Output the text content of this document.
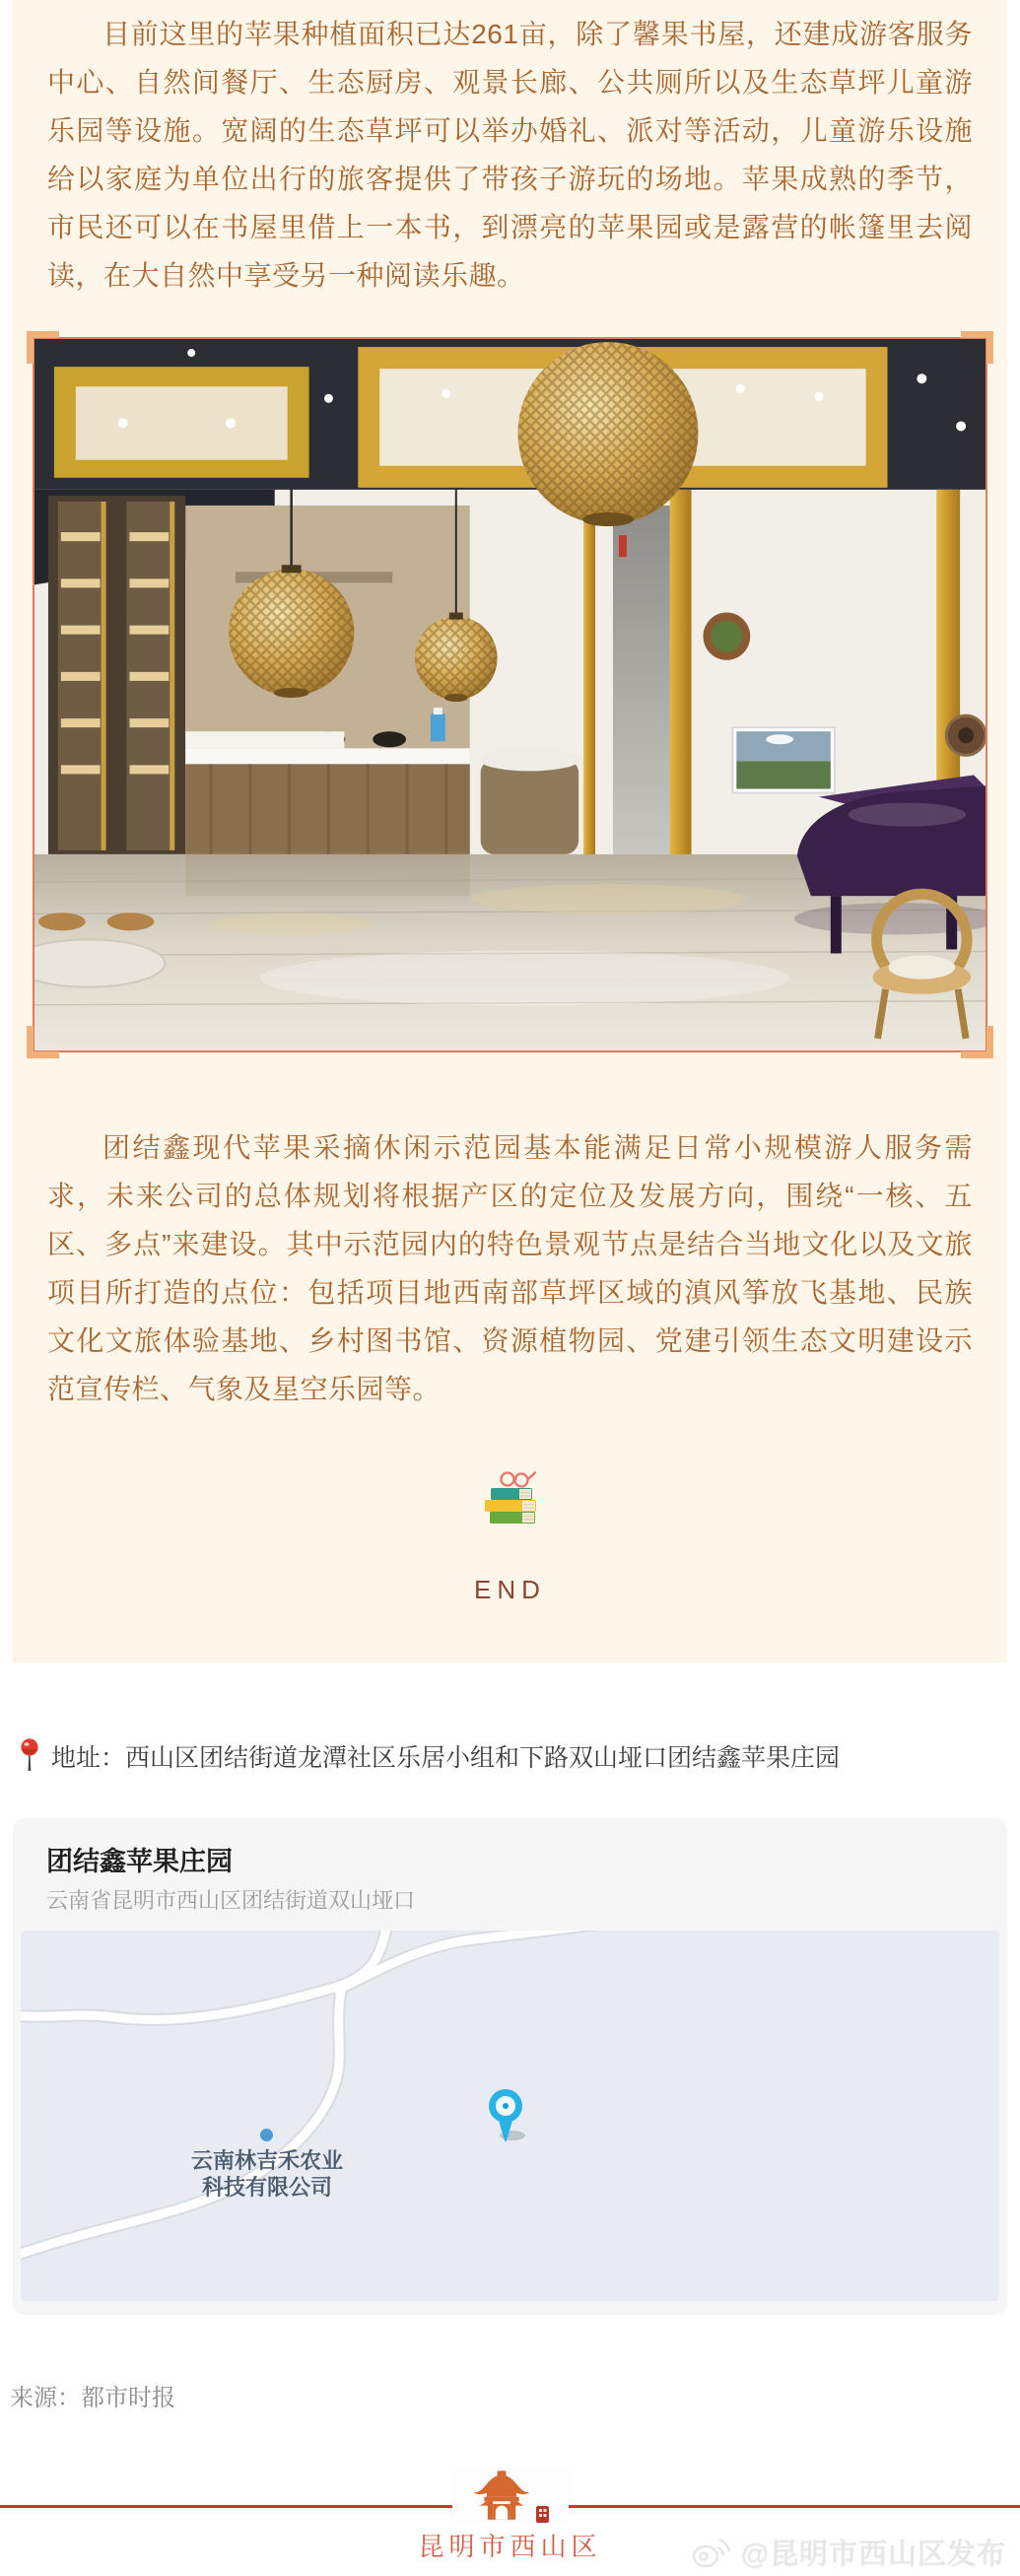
目前这里的苹果种植面积已达261亩，除了馨果书屋，还建成游客服务中心、自然间餐厅、生态厨房、观景长廊、公共厕所以及生态草坪儿童游乐园等设施。宽阔的生态草坪可以举办婚礼、派对等活动，儿童游乐设施给以家庭为单位出行的旅客提供了带孩子游玩的场地。苹果成熟的季节，市民还可以在书屋里借上一本书，到漂亮的苹果园或是露营的帐篷里去阅读，在大自然中享受另一种阅读乐趣。

团结鑫现代苹果采摘休闲示范园基本能满足日常小规模游人服务需求，未来公司的总体规划将根据产区的定位及发展方向，围绕“一核、五区、多点”来建设。其中示范园内的特色景观节点是结合当地文化以及文旅项目所打造的点位：包括项目地西南部草坪区域的滇风筝放飞基地、民族文化文旅体验基地、乡村图书馆、资源植物园、党建引领生态文明建设示范宣传栏、气象及星空乐园等。

END
地址：西山区团结街道龙潭社区乐居小组和下路双山垭口团结鑫苹果庄园
团结鑫苹果庄园
云南省昆明市西山区团结街道双山垭口
云南林吉禾农业
科技有限公司
来源：都市时报
昆明市西山区	@昆明市西山区发布
